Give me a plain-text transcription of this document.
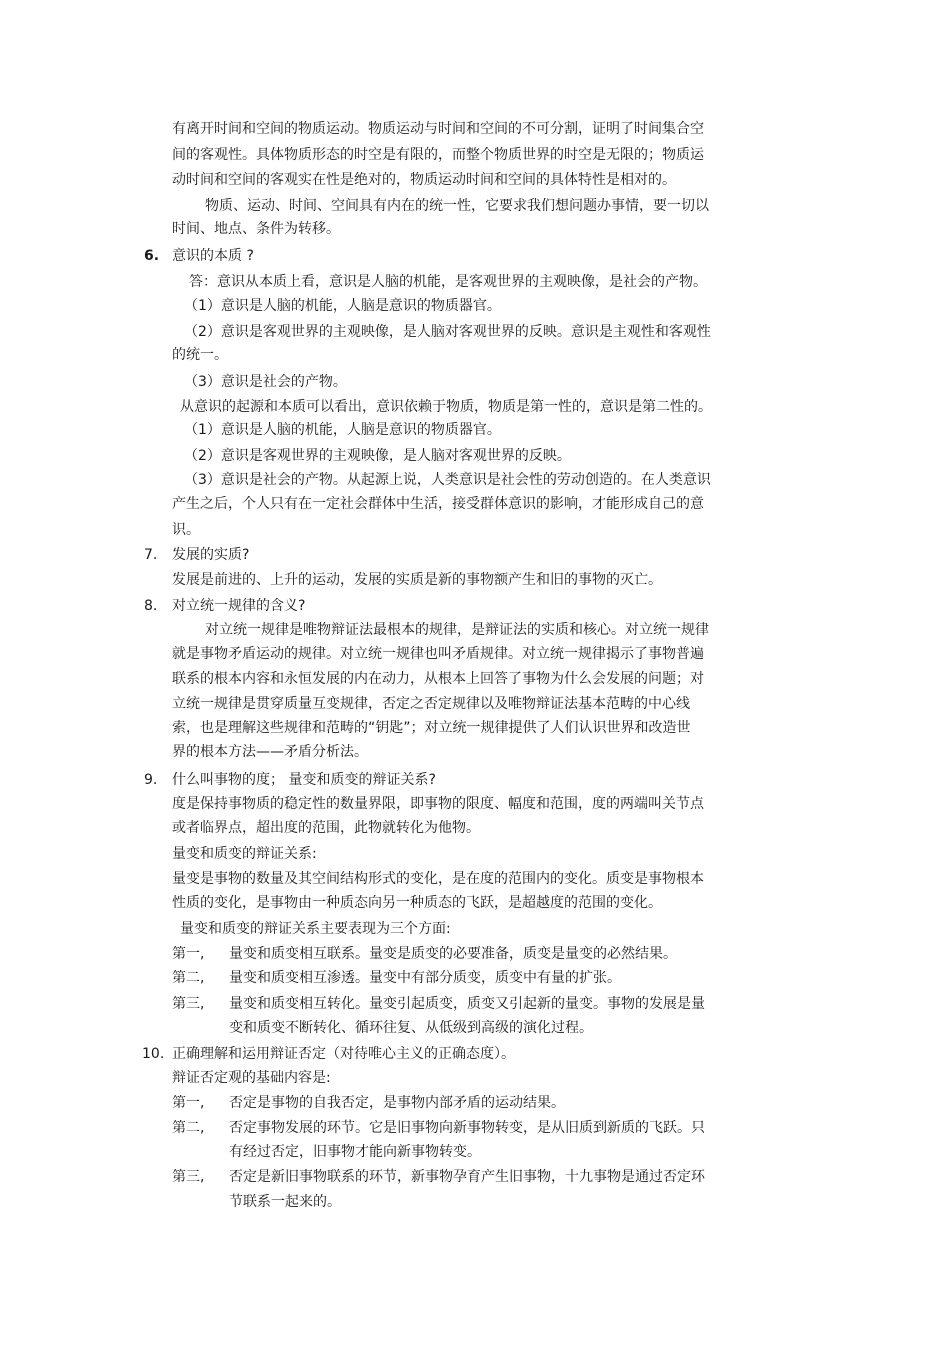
有离开时间和空间的物质运动。物质运动与时间和空间的不可分割，证明了时间集合空
间的客观性。具体物质形态的时空是有限的，而整个物质世界的时空是无限的；物质运
动时间和空间的客观实在性是绝对的，物质运动时间和空间的具体特性是相对的。
物质、运动、时间、空间具有内在的统一性，它要求我们想问题办事情，要一切以
时间、地点、条件为转移。
6. 意识的本质 ?
答：意识从本质上看，意识是人脑的机能，是客观世界的主观映像，是社会的产物。
（1）意识是人脑的机能，人脑是意识的物质器官。
（2）意识是客观世界的主观映像，是人脑对客观世界的反映。意识是主观性和客观性
的统一。
（3）意识是社会的产物。
从意识的起源和本质可以看出，意识依赖于物质，物质是第一性的，意识是第二性的。
（1）意识是人脑的机能，人脑是意识的物质器官。
（2）意识是客观世界的主观映像，是人脑对客观世界的反映。
（3）意识是社会的产物。从起源上说，人类意识是社会性的劳动创造的。在人类意识
产生之后，个人只有在一定社会群体中生活，接受群体意识的影响，才能形成自己的意
识。
7. 发展的实质?
发展是前进的、上升的运动，发展的实质是新的事物额产生和旧的事物的灭亡。
8. 对立统一规律的含义?
对立统一规律是唯物辩证法最根本的规律，是辩证法的实质和核心。对立统一规律
就是事物矛盾运动的规律。对立统一规律也叫矛盾规律。对立统一规律揭示了事物普遍
联系的根本内容和永恒发展的内在动力，从根本上回答了事物为什么会发展的问题；对
立统一规律是贯穿质量互变规律，否定之否定规律以及唯物辩证法基本范畴的中心线
索，也是理解这些规律和范畴的“钥匙”；对立统一规律提供了人们认识世界和改造世
界的根本方法——矛盾分析法。
9. 什么叫事物的度； 量变和质变的辩证关系?
度是保持事物质的稳定性的数量界限，即事物的限度、幅度和范围，度的两端叫关节点
或者临界点，超出度的范围，此物就转化为他物。
量变和质变的辩证关系:
量变是事物的数量及其空间结构形式的变化，是在度的范围内的变化。质变是事物根本
性质的变化，是事物由一种质态向另一种质态的飞跃，是超越度的范围的变化。
量变和质变的辩证关系主要表现为三个方面:
第一, 量变和质变相互联系。量变是质变的必要准备，质变是量变的必然结果。
第二, 量变和质变相互渗透。量变中有部分质变，质变中有量的扩张。
第三, 量变和质变相互转化。量变引起质变，质变又引起新的量变。事物的发展是量
变和质变不断转化、循环往复、从低级到高级的演化过程。
10. 正确理解和运用辩证否定（对待唯心主义的正确态度）。
辩证否定观的基础内容是:
第一, 否定是事物的自我否定，是事物内部矛盾的运动结果。
第二, 否定事物发展的环节。它是旧事物向新事物转变，是从旧质到新质的飞跃。只
有经过否定，旧事物才能向新事物转变。
第三, 否定是新旧事物联系的环节，新事物孕育产生旧事物，十九事物是通过否定环
节联系一起来的。
